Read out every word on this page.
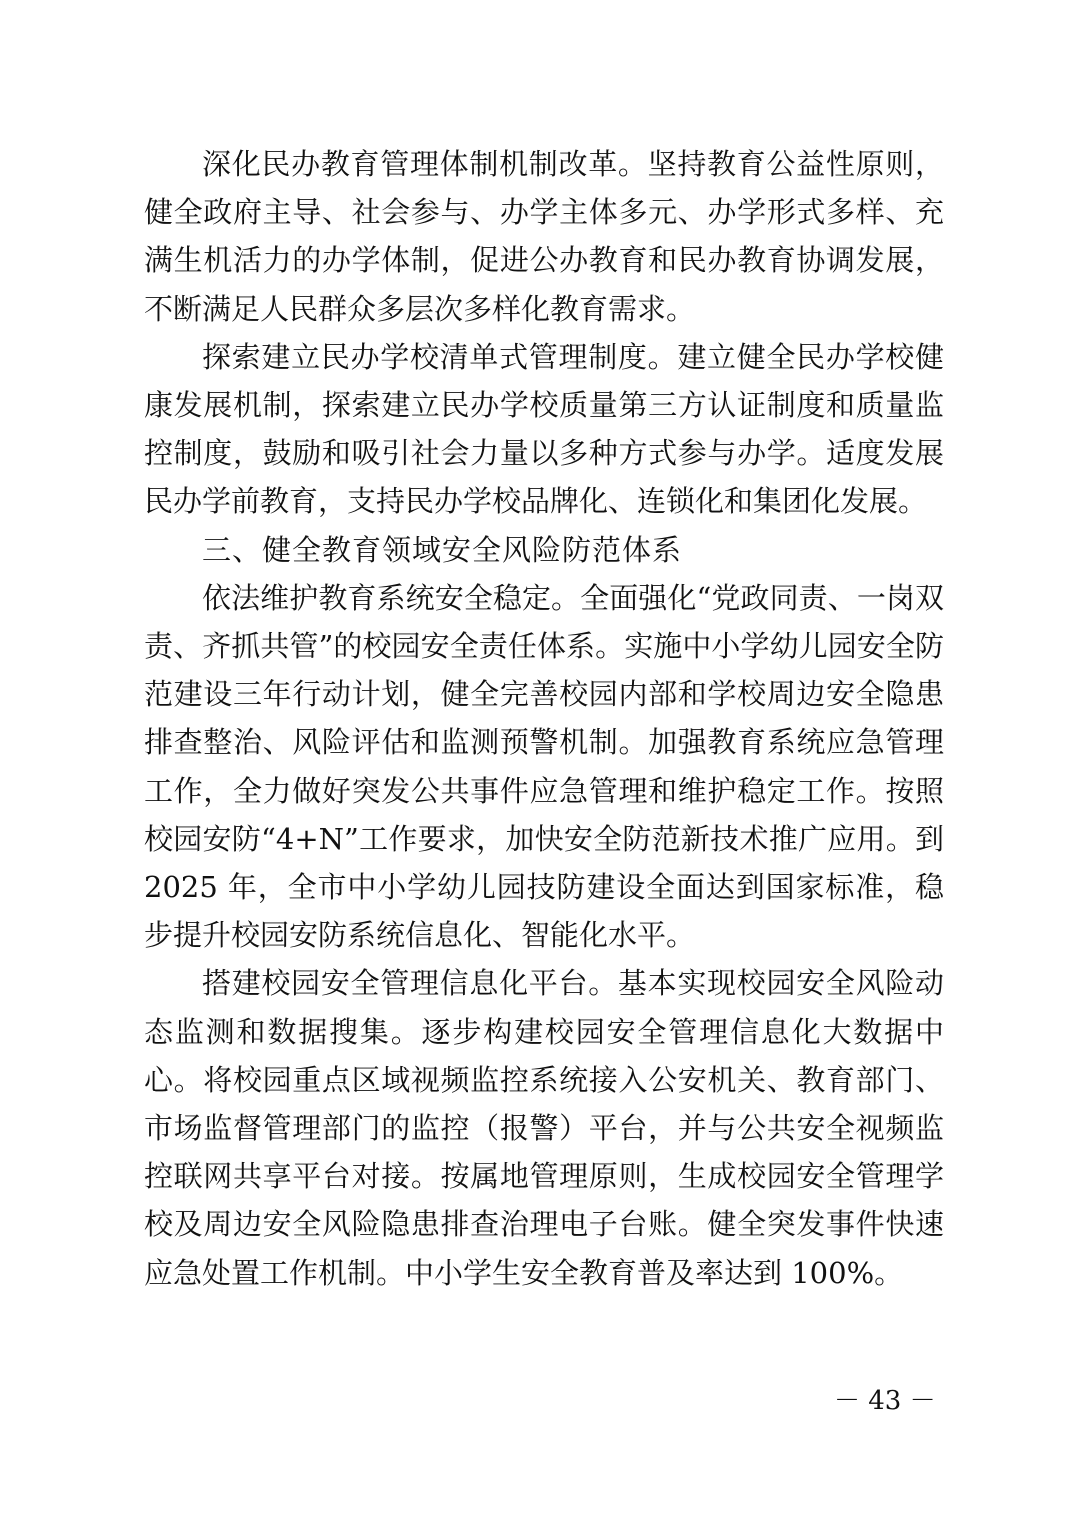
深化民办教育管理体制机制改革。坚持教育公益性原则，健全政府主导、社会参与、办学主体多元、办学形式多样、充满生机活力的办学体制，促进公办教育和民办教育协调发展，不断满足人民群众多层次多样化教育需求。

探索建立民办学校清单式管理制度。建立健全民办学校健康发展机制，探索建立民办学校质量第三方认证制度和质量监控制度，鼓励和吸引社会力量以多种方式参与办学。适度发展民办学前教育，支持民办学校品牌化、连锁化和集团化发展。

三、健全教育领域安全风险防范体系

依法维护教育系统安全稳定。全面强化“党政同责、一岗双责、齐抓共管”的校园安全责任体系。实施中小学幼儿园安全防范建设三年行动计划，健全完善校园内部和学校周边安全隐患排查整治、风险评估和监测预警机制。加强教育系统应急管理工作，全力做好突发公共事件应急管理和维护稳定工作。按照校园安防“4+N”工作要求，加快安全防范新技术推广应用。到 2025 年，全市中小学幼儿园技防建设全面达到国家标准，稳步提升校园安防系统信息化、智能化水平。

搭建校园安全管理信息化平台。基本实现校园安全风险动态监测和数据搜集。逐步构建校园安全管理信息化大数据中心。将校园重点区域视频监控系统接入公安机关、教育部门、市场监督管理部门的监控（报警）平台，并与公共安全视频监控联网共享平台对接。按属地管理原则，生成校园安全管理学校及周边安全风险隐患排查治理电子台账。健全突发事件快速应急处置工作机制。中小学生安全教育普及率达到 100%。

－ 43 －
